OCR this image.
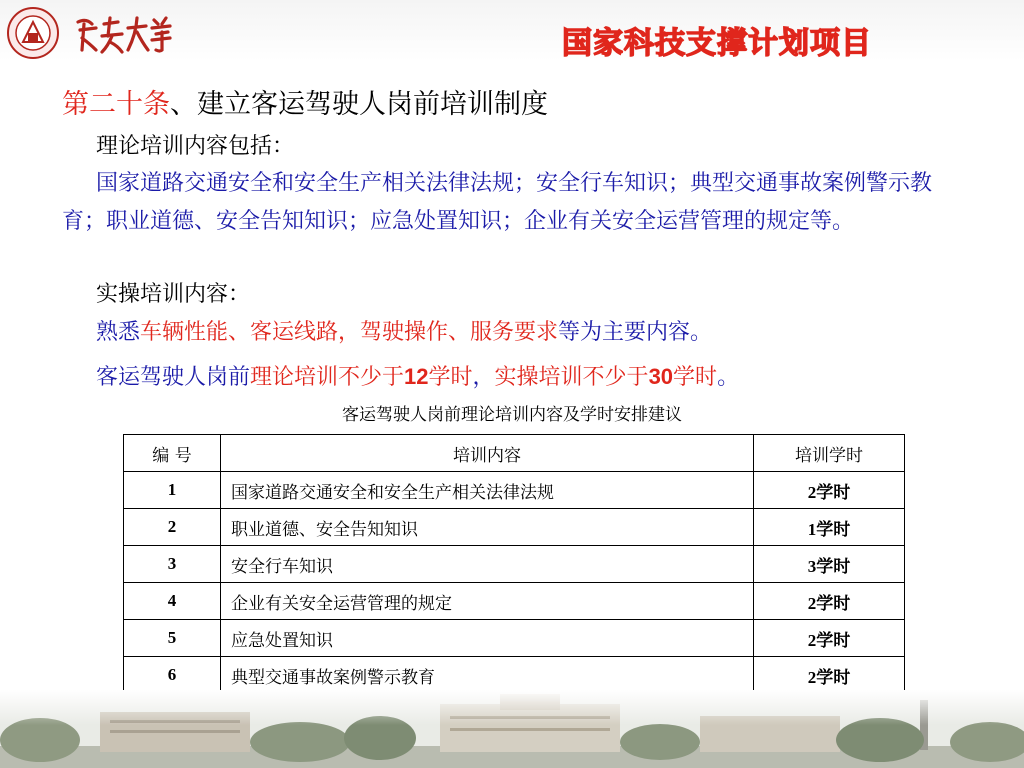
国家科技支撑计划项目
第二十条、建立客运驾驶人岗前培训制度

理论培训内容包括：

国家道路交通安全和安全生产相关法律法规；安全行车知识；典型交通事故案例警示教育；职业道德、安全告知知识；应急处置知识；企业有关安全运营管理的规定等。

实操培训内容：

熟悉车辆性能、客运线路，驾驶操作、服务要求等为主要内容。

客运驾驶人岗前理论培训不少于12学时，实操培训不少于30学时。

客运驾驶人岗前理论培训内容及学时安排建议
编 号	培训内容	培训学时
1	国家道路交通安全和安全生产相关法律法规	2学时
2	职业道德、安全告知知识	1学时
3	安全行车知识	3学时
4	企业有关安全运营管理的规定	2学时
5	应急处置知识	2学时
6	典型交通事故案例警示教育	2学时
